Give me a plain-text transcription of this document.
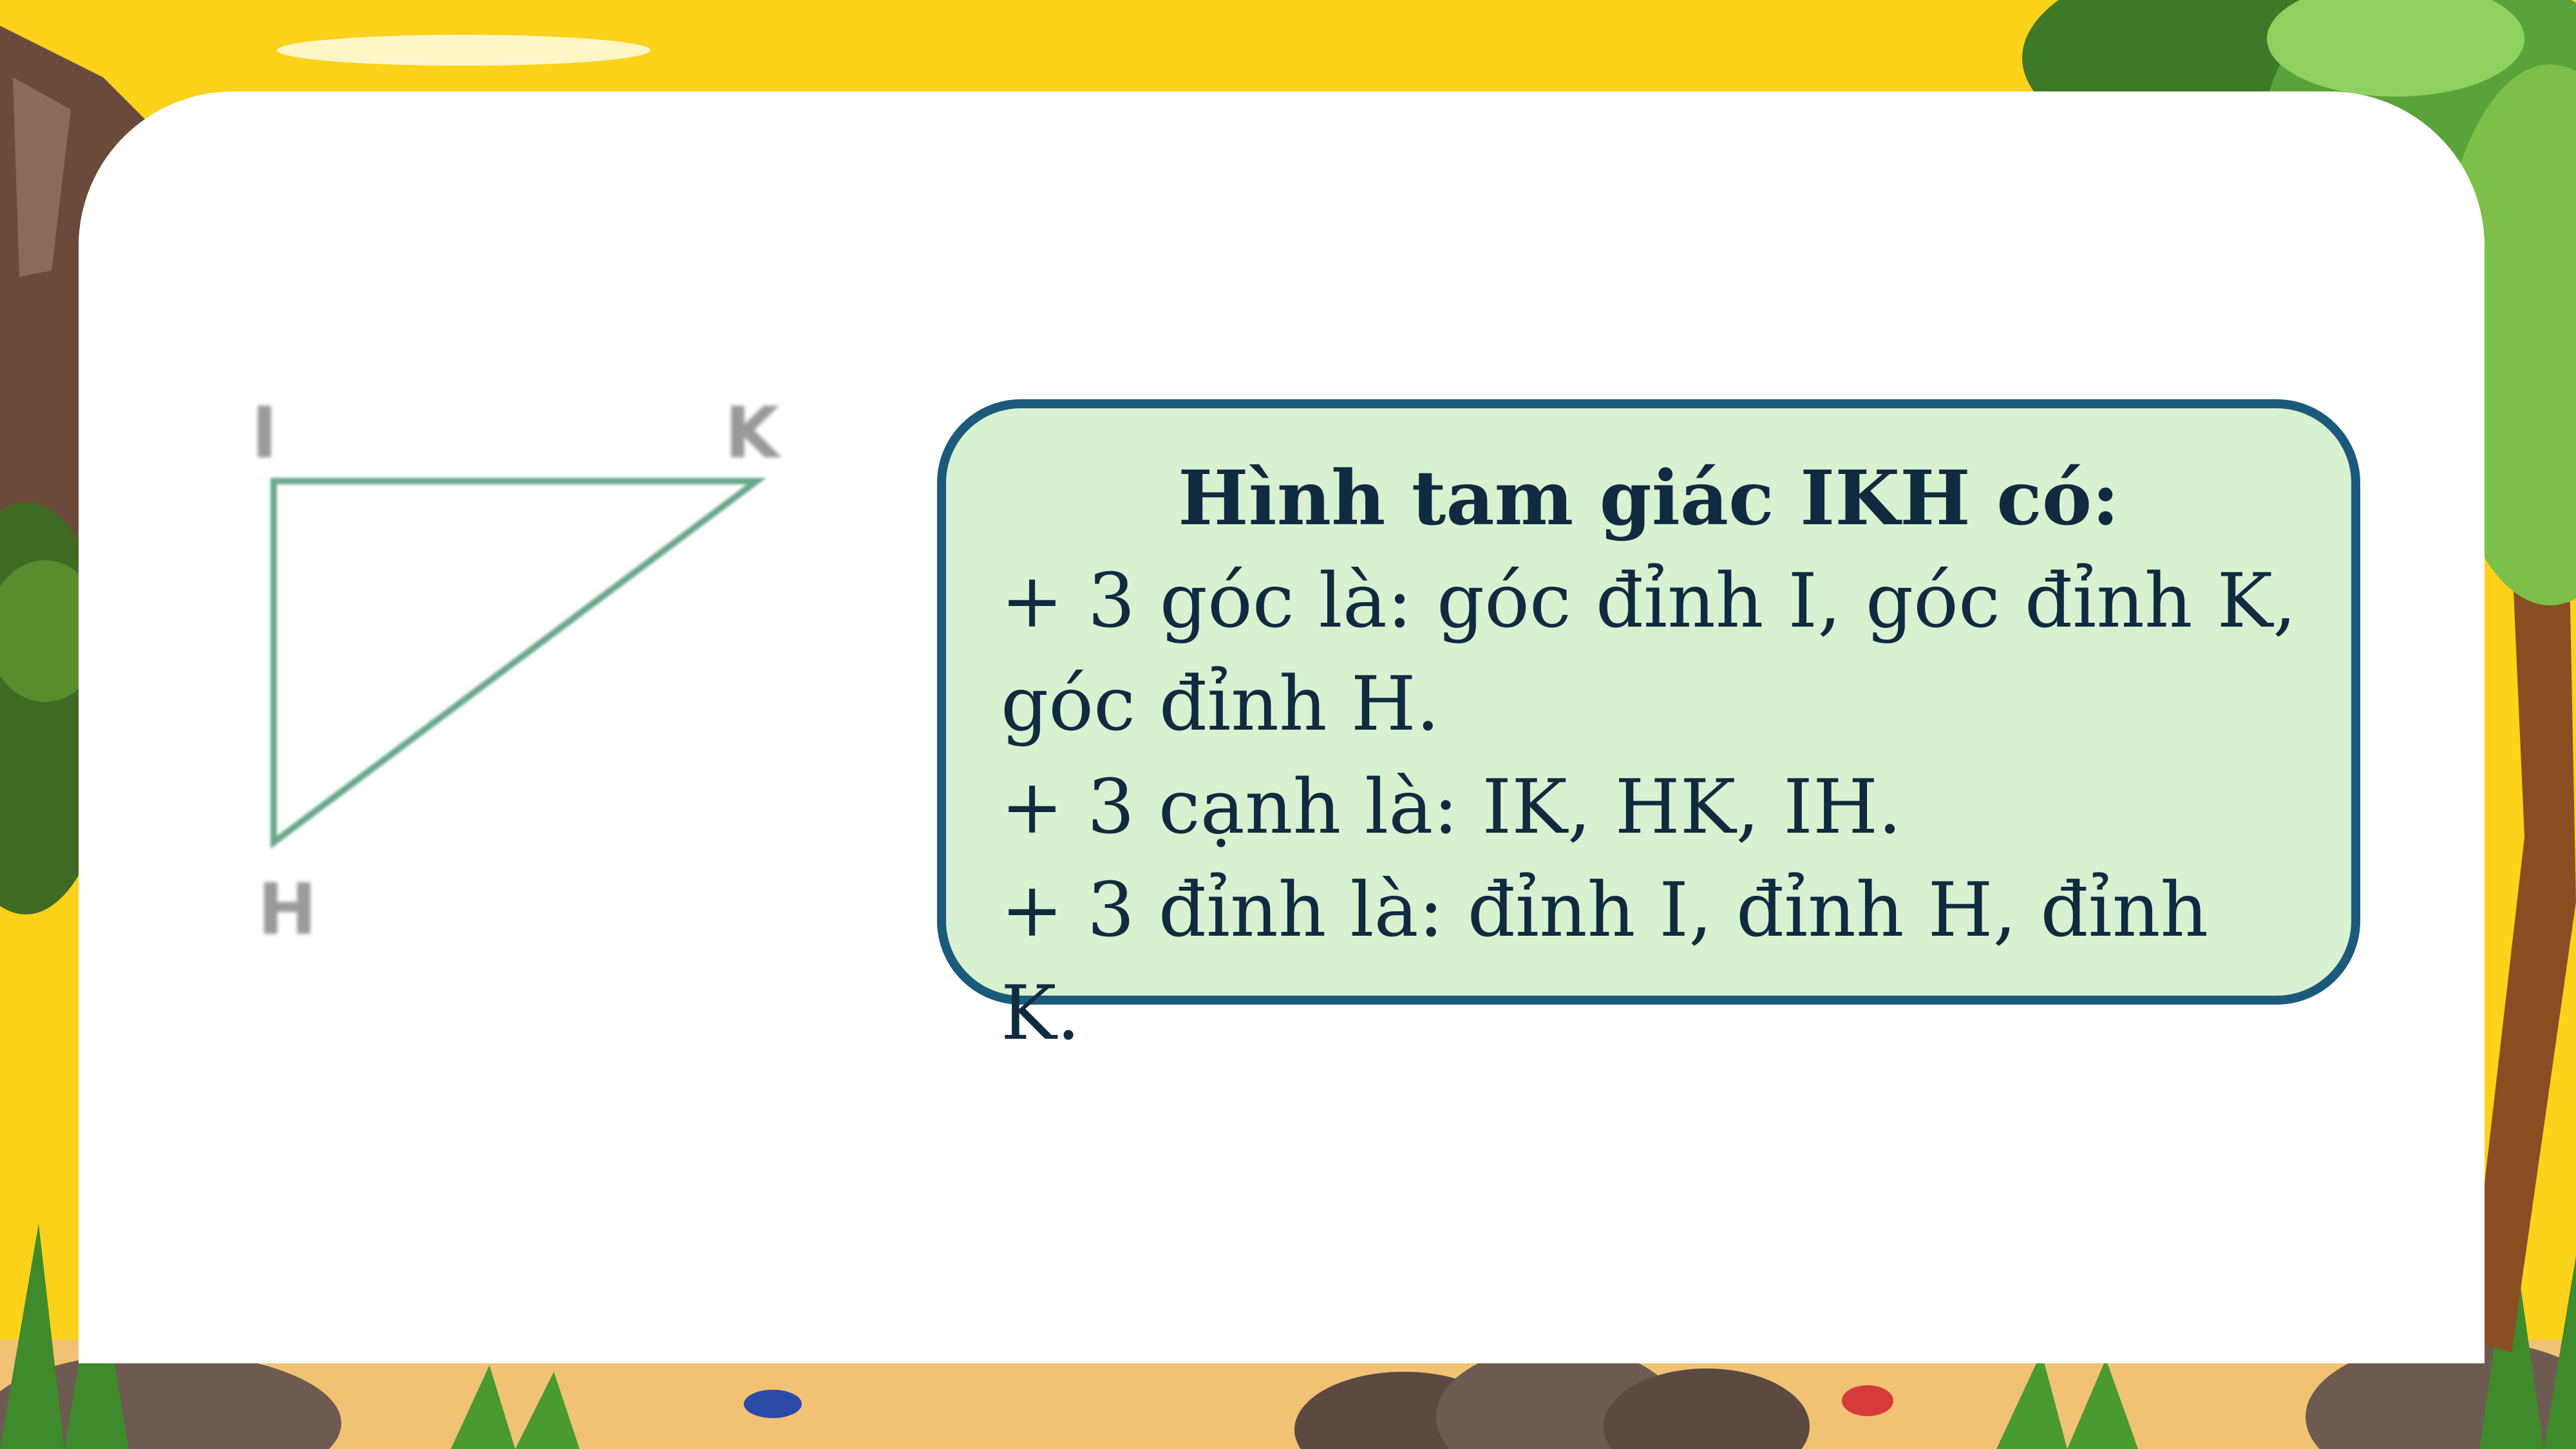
I	K
H

Hình tam giác IKH có:

+ 3 góc là: góc đỉnh I, góc đỉnh K, góc đỉnh H.

+ 3 cạnh là: IK, HK, IH.

+ 3 đỉnh là: đỉnh I, đỉnh H, đỉnh K.
